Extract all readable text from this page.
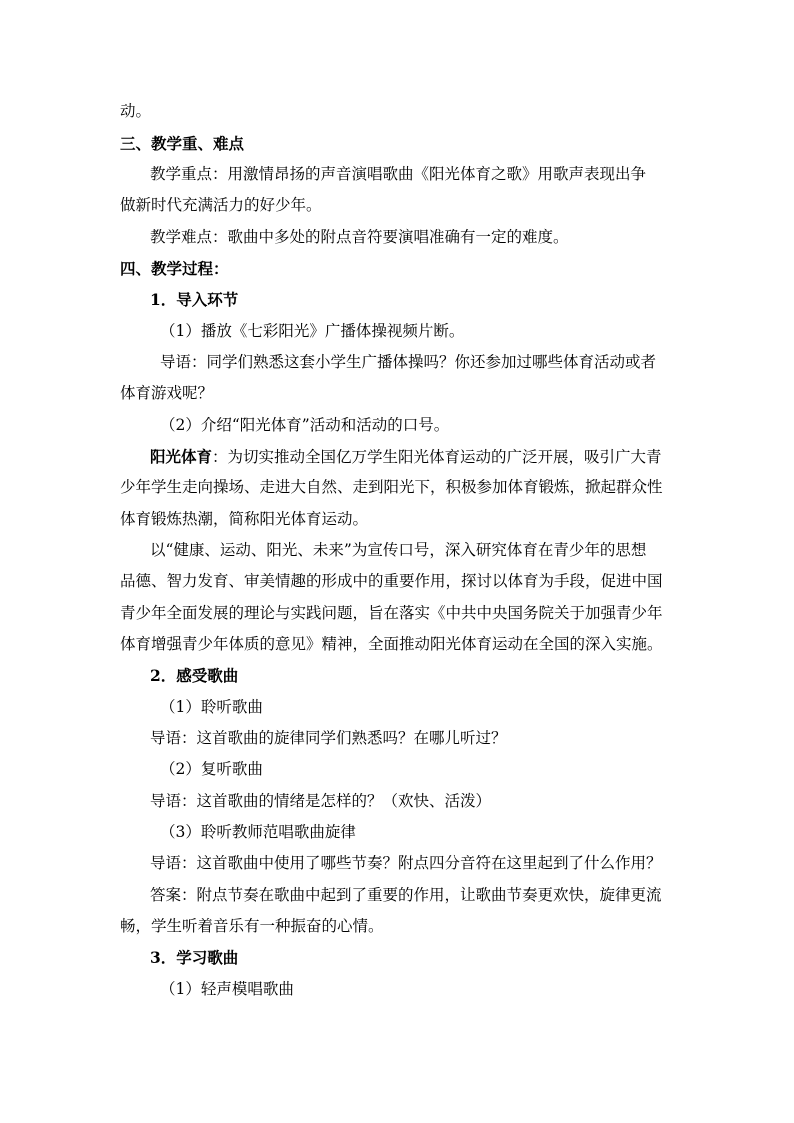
动。
三、教学重、难点
教学重点：用激情昂扬的声音演唱歌曲《阳光体育之歌》用歌声表现出争
做新时代充满活力的好少年。
教学难点：歌曲中多处的附点音符要演唱准确有一定的难度。
四、教学过程：
1．导入环节
（1）播放《七彩阳光》广播体操视频片断。
导语：同学们熟悉这套小学生广播体操吗？你还参加过哪些体育活动或者
体育游戏呢？
（2）介绍“阳光体育”活动和活动的口号。
阳光体育：为切实推动全国亿万学生阳光体育运动的广泛开展，吸引广大青
少年学生走向操场、走进大自然、走到阳光下，积极参加体育锻炼，掀起群众性
体育锻炼热潮，简称阳光体育运动。
以“健康、运动、阳光、未来”为宣传口号，深入研究体育在青少年的思想
品德、智力发育、审美情趣的形成中的重要作用，探讨以体育为手段，促进中国
青少年全面发展的理论与实践问题，旨在落实《中共中央国务院关于加强青少年
体育增强青少年体质的意见》精神，全面推动阳光体育运动在全国的深入实施。
2．感受歌曲
（1）聆听歌曲
导语：这首歌曲的旋律同学们熟悉吗？在哪儿听过？
（2）复听歌曲
导语：这首歌曲的情绪是怎样的？（欢快、活泼）
（3）聆听教师范唱歌曲旋律
导语：这首歌曲中使用了哪些节奏？附点四分音符在这里起到了什么作用？
答案：附点节奏在歌曲中起到了重要的作用，让歌曲节奏更欢快，旋律更流
畅，学生听着音乐有一种振奋的心情。
3．学习歌曲
（1）轻声模唱歌曲
